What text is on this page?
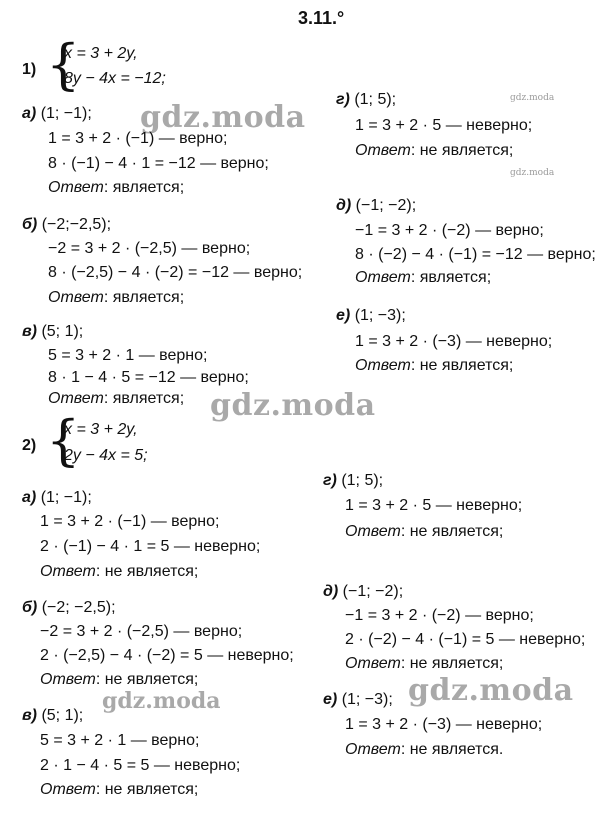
3.11.°
gdz.moda
gdz.moda
gdz.moda
gdz.moda
gdz.moda	gdz.moda
1) {
x = 3 + 2y,
8y − 4x = −12;
а) (1; −1);
1 = 3 + 2 · (−1) — верно;
8 · (−1) − 4 · 1 = −12 — верно;
Ответ: является;
б) (−2;−2,5);
−2 = 3 + 2 · (−2,5) — верно;
8 · (−2,5) − 4 · (−2) = −12 — верно;
Ответ: является;
в) (5; 1);
5 = 3 + 2 · 1 — верно;
8 · 1 − 4 · 5 = −12 — верно;
Ответ: является;
г) (1; 5);
1 = 3 + 2 · 5 — неверно;
Ответ: не является;
д) (−1; −2);
−1 = 3 + 2 · (−2) — верно;
8 · (−2) − 4 · (−1) = −12 — верно;
Ответ: является;
е) (1; −3);
1 = 3 + 2 · (−3) — неверно;
Ответ: не является;
2) {
x = 3 + 2y,
2y − 4x = 5;
а) (1; −1);
1 = 3 + 2 · (−1) — верно;
2 · (−1) − 4 · 1 = 5 — неверно;
Ответ: не является;
б) (−2; −2,5);
−2 = 3 + 2 · (−2,5) — верно;
2 · (−2,5) − 4 · (−2) = 5 — неверно;
Ответ: не является;
в) (5; 1);
5 = 3 + 2 · 1 — верно;
2 · 1 − 4 · 5 = 5 — неверно;
Ответ: не является;
г) (1; 5);
1 = 3 + 2 · 5 — неверно;
Ответ: не является;
д) (−1; −2);
−1 = 3 + 2 · (−2) — верно;
2 · (−2) − 4 · (−1) = 5 — неверно;
Ответ: не является;
е) (1; −3);
1 = 3 + 2 · (−3) — неверно;
Ответ: не является.
